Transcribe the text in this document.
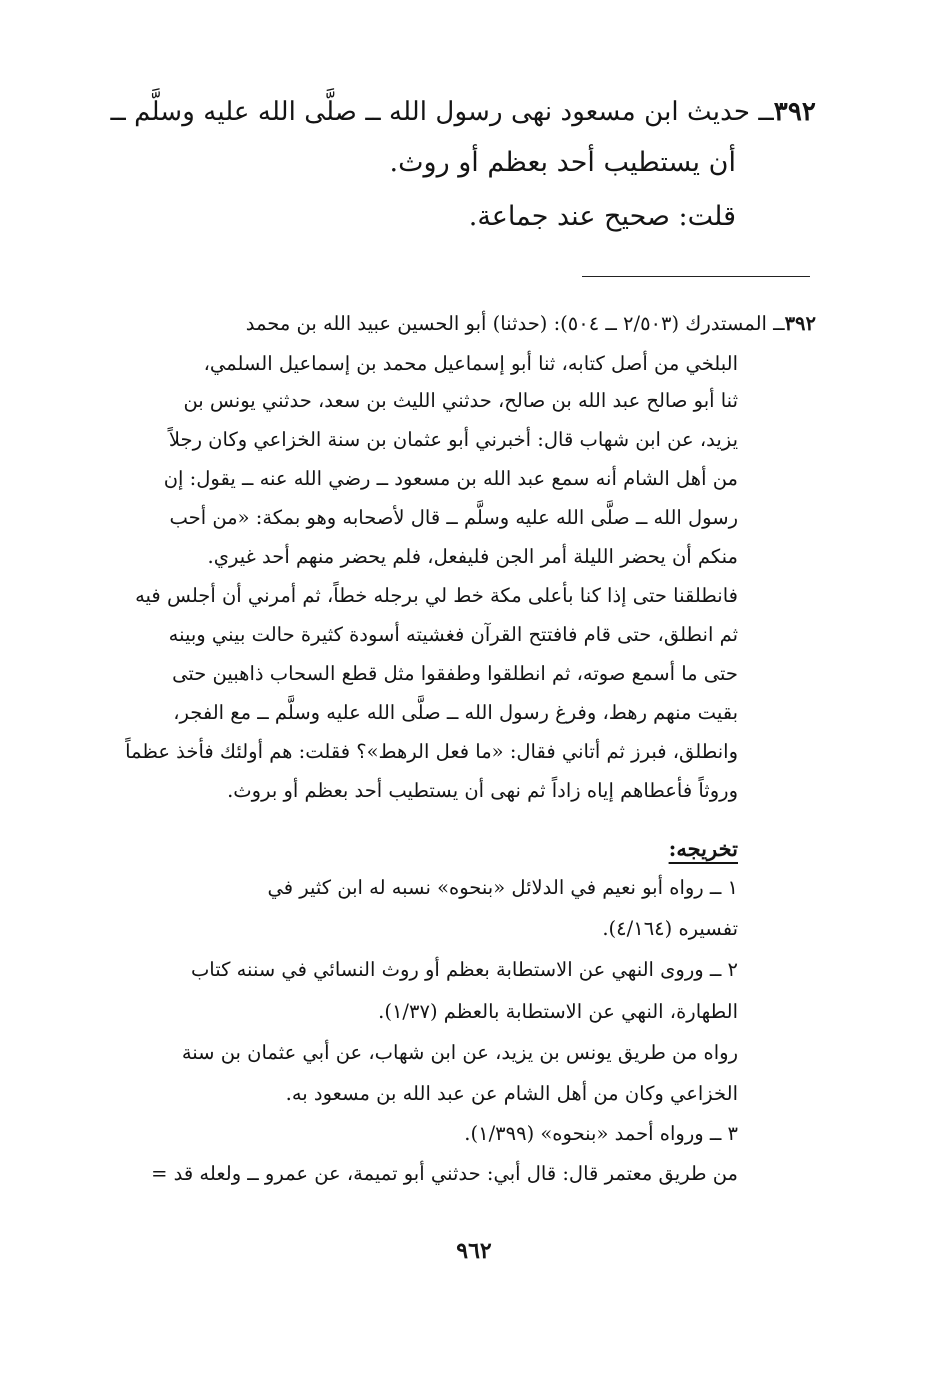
٣٩٢ــ حديث ابن مسعود نهى رسول الله ــ صلَّى الله عليه وسلَّم ــ
أن يستطيب أحد بعظم أو روث.
قلت: صحيح عند جماعة.
٣٩٢ــ المستدرك (٢/٥٠٣ ــ ٥٠٤): (حدثنا) أبو الحسين عبيد الله بن محمد
البلخي من أصل كتابه، ثنا أبو إسماعيل محمد بن إسماعيل السلمي،
ثنا أبو صالح عبد الله بن صالح، حدثني الليث بن سعد، حدثني يونس بن
يزيد، عن ابن شهاب قال: أخبرني أبو عثمان بن سنة الخزاعي وكان رجلاً
من أهل الشام أنه سمع عبد الله بن مسعود ــ رضي الله عنه ــ يقول: إن
رسول الله ــ صلَّى الله عليه وسلَّم ــ قال لأصحابه وهو بمكة: «من أحب
منكم أن يحضر الليلة أمر الجن فليفعل، فلم يحضر منهم أحد غيري.
فانطلقنا حتى إذا كنا بأعلى مكة خط لي برجله خطاً، ثم أمرني أن أجلس فيه
ثم انطلق، حتى قام فافتتح القرآن فغشيته أسودة كثيرة حالت بيني وبينه
حتى ما أسمع صوته، ثم انطلقوا وطفقوا مثل قطع السحاب ذاهبين حتى
بقيت منهم رهط، وفرغ رسول الله ــ صلَّى الله عليه وسلَّم ــ مع الفجر،
وانطلق، فبرز ثم أتاني فقال: «ما فعل الرهط»؟ فقلت: هم أولئك فأخذ عظماً
وروثاً فأعطاهم إياه زاداً ثم نهى أن يستطيب أحد بعظم أو بروث.
تخريجه:
١ ــ رواه أبو نعيم في الدلائل «بنحوه» نسبه له ابن كثير في
تفسيره (٤/١٦٤).
٢ ــ وروى النهي عن الاستطابة بعظم أو روث النسائي في سننه كتاب
الطهارة، النهي عن الاستطابة بالعظم (١/٣٧).
رواه من طريق يونس بن يزيد، عن ابن شهاب، عن أبي عثمان بن سنة
الخزاعي وكان من أهل الشام عن عبد الله بن مسعود به.
٣ ــ ورواه أحمد «بنحوه» (١/٣٩٩).
من طريق معتمر قال: قال أبي: حدثني أبو تميمة، عن عمرو ــ ولعله قد =
٩٦٢
